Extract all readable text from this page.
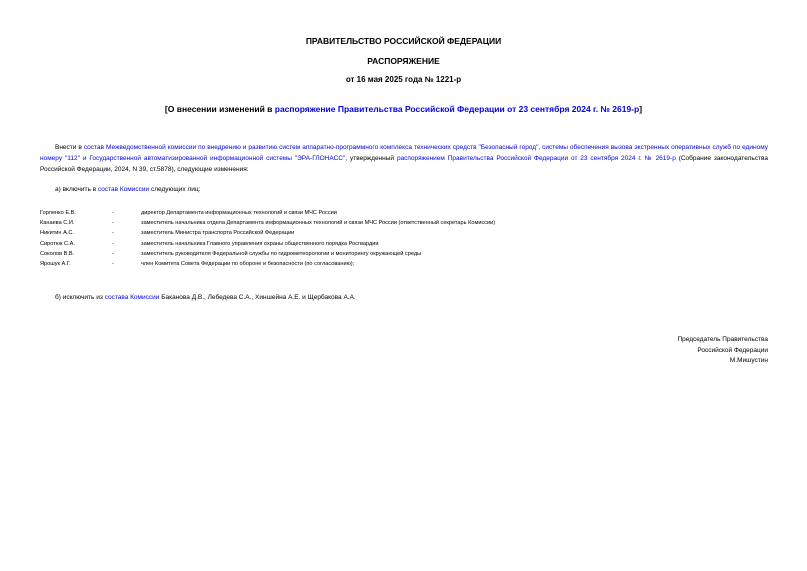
ПРАВИТЕЛЬСТВО РОССИЙСКОЙ ФЕДЕРАЦИИ
РАСПОРЯЖЕНИЕ
от 16 мая 2025 года № 1221-р
[О внесении изменений в распоряжение Правительства Российской Федерации от 23 сентября 2024 г. № 2619-р]
Внести в состав Межведомственной комиссии по внедрению и развитию систем аппаратно-программного комплекса технических средств "Безопасный город", системы обеспечения вызова экстренных оперативных служб по единому номеру "112" и Государственной автоматизированной информационной системы "ЭРА-ГЛОНАСС", утвержденный распоряжением Правительства Российской Федерации от 23 сентября 2024 г. № 2619-р (Собрание законодательства Российской Федерации, 2024, N 39, ст.5878), следующие изменения:
а) включить в состав Комиссии следующих лиц:
Горленко Е.В.	-	директор Департамента информационных технологий и связи МЧС России
Канаева С.И.	-	заместитель начальника отдела Департамента информационных технологий и связи МЧС России (ответственный секретарь Комиссии)
Никитин А.С.	-	заместитель Министра транспорта Российской Федерации
Сиротюк С.А.	-	заместитель начальника Главного управления охраны общественного порядка Росгвардии
Соколов В.В.	-	заместитель руководителя Федеральной службы по гидрометеорологии и мониторингу окружающей среды
Ярошук А.Г.	-	член Комитета Совета Федерации по обороне и безопасности (по согласованию);
б) исключить из состава Комиссии Баканова Д.В., Лебедева С.А., Хиншейна А.Е. и Щербакова А.А.
Председатель Правительства
Российской Федерации
М.Мишустин
